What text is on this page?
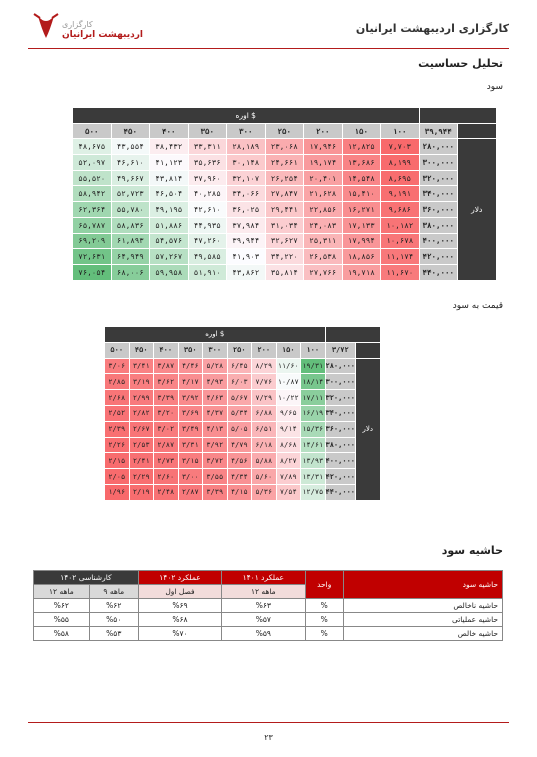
کارگزاری
اردیبهشت ایرانیان	کارگزاری اردیبهشت ایرانیان
تحلیل حساسیت
سود
اوره $										
۵۰۰	۴۵۰	۴۰۰	۳۵۰	۳۰۰	۲۵۰	۲۰۰	۱۵۰	۱۰۰	۳۹,۹۴۴	
۴۸,۶۷۵	۴۳,۵۵۴	۳۸,۴۳۲	۳۳,۳۱۱	۲۸,۱۸۹	۲۳,۰۶۸	۱۷,۹۴۶	۱۲,۸۲۵	۷,۷۰۳	۲۸۰,۰۰۰	دلار
۵۲,۰۹۷	۴۶,۶۱۰	۴۱,۱۲۳	۳۵,۶۳۶	۳۰,۱۴۸	۲۴,۶۶۱	۱۹,۱۷۴	۱۳,۶۸۶	۸,۱۹۹	۳۰۰,۰۰۰	
۵۵,۵۲۰	۴۹,۶۶۷	۴۳,۸۱۴	۳۷,۹۶۰	۳۲,۱۰۷	۲۶,۲۵۴	۲۰,۴۰۱	۱۴,۵۴۸	۸,۶۹۵	۳۲۰,۰۰۰	
۵۸,۹۴۲	۵۲,۷۲۳	۴۶,۵۰۴	۴۰,۲۸۵	۳۴,۰۶۶	۲۷,۸۴۷	۲۱,۶۲۸	۱۵,۴۱۰	۹,۱۹۱	۳۴۰,۰۰۰	
۶۲,۳۶۴	۵۵,۷۸۰	۴۹,۱۹۵	۴۲,۶۱۰	۳۶,۰۲۵	۲۹,۴۴۱	۲۲,۸۵۶	۱۶,۲۷۱	۹,۶۸۶	۳۶۰,۰۰۰	
۶۵,۷۸۷	۵۸,۸۳۶	۵۱,۸۸۶	۴۴,۹۳۵	۳۷,۹۸۴	۳۱,۰۳۴	۲۴,۰۸۳	۱۷,۱۳۳	۱۰,۱۸۲	۳۸۰,۰۰۰	
۶۹,۲۰۹	۶۱,۸۹۳	۵۴,۵۷۶	۴۷,۲۶۰	۳۹,۹۴۴	۳۲,۶۲۷	۲۵,۳۱۱	۱۷,۹۹۴	۱۰,۶۷۸	۴۰۰,۰۰۰	
۷۲,۶۳۱	۶۴,۹۴۹	۵۷,۲۶۷	۴۹,۵۸۵	۴۱,۹۰۳	۳۴,۲۲۰	۲۶,۵۳۸	۱۸,۸۵۶	۱۱,۱۷۴	۴۲۰,۰۰۰	
۷۶,۰۵۴	۶۸,۰۰۶	۵۹,۹۵۸	۵۱,۹۱۰	۴۳,۸۶۲	۳۵,۸۱۴	۲۷,۷۶۶	۱۹,۷۱۸	۱۱,۶۷۰	۴۴۰,۰۰۰	
قیمت به سود
اوره $										
۵۰۰	۴۵۰	۴۰۰	۳۵۰	۳۰۰	۲۵۰	۲۰۰	۱۵۰	۱۰۰	۳/۷۲	
۳/۰۶	۳/۴۱	۳/۸۷	۴/۴۶	۵/۲۸	۶/۴۵	۸/۲۹	۱۱/۶۰	۱۹/۳۱	۲۸۰,۰۰۰	دلار
۲/۸۵	۳/۱۹	۳/۶۲	۴/۱۷	۴/۹۳	۶/۰۳	۷/۷۶	۱۰/۸۷	۱۸/۱۴	۳۰۰,۰۰۰	
۲/۶۸	۲/۹۹	۳/۳۹	۳/۹۲	۴/۶۳	۵/۶۷	۷/۲۹	۱۰/۲۲	۱۷/۱۱	۳۲۰,۰۰۰	
۲/۵۲	۲/۸۲	۳/۲۰	۳/۶۹	۴/۳۷	۵/۳۴	۶/۸۸	۹/۶۵	۱۶/۱۹	۳۴۰,۰۰۰	
۲/۳۹	۲/۶۷	۳/۰۲	۳/۴۹	۴/۱۳	۵/۰۵	۶/۵۱	۹/۱۴	۱۵/۳۶	۳۶۰,۰۰۰	
۲/۲۶	۲/۵۳	۲/۸۷	۳/۳۱	۳/۹۲	۴/۷۹	۶/۱۸	۸/۶۸	۱۴/۶۱	۳۸۰,۰۰۰	
۲/۱۵	۲/۴۱	۲/۷۳	۳/۱۵	۳/۷۲	۴/۵۶	۵/۸۸	۸/۲۷	۱۳/۹۳	۴۰۰,۰۰۰	
۲/۰۵	۲/۲۹	۲/۶۰	۳/۰۰	۳/۵۵	۴/۳۴	۵/۶۰	۷/۸۹	۱۳/۳۱	۴۲۰,۰۰۰	
۱/۹۶	۲/۱۹	۲/۴۸	۲/۸۷	۳/۳۹	۴/۱۵	۵/۳۶	۷/۵۴	۱۲/۷۵	۴۴۰,۰۰۰	
حاشیه سود
کارشناسی ۱۴۰۲		عملکرد ۱۴۰۲	عملکرد ۱۴۰۱	واحد	حاشیه سود
۱۲ ماهه	۹ ماهه	فصل اول	۱۲ ماهه		
%۶۲	%۶۲	%۶۹	%۶۳	%	حاشیه ناخالص
%۵۵	%۵۰	%۶۸	%۵۷	%	حاشیه عملیاتی
%۵۸	%۵۳	%۷۰	%۵۹	%	حاشیه خالص
۲۳
